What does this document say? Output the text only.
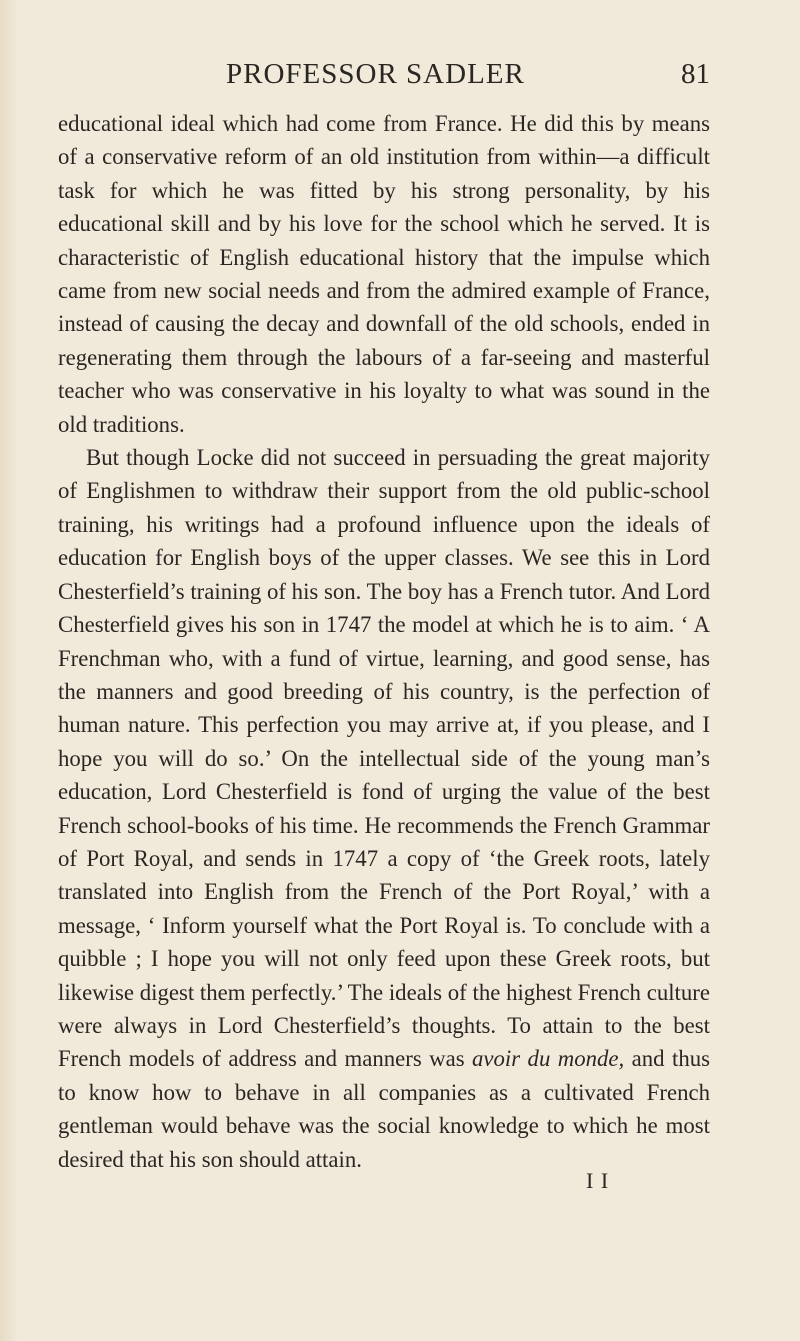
PROFESSOR SADLER	81

educational ideal which had come from France. He did this by means of a conservative reform of an old institution from within—a difficult task for which he was fitted by his strong personality, by his educational skill and by his love for the school which he served. It is characteristic of English educational history that the impulse which came from new social needs and from the admired example of France, instead of causing the decay and downfall of the old schools, ended in regenerating them through the labours of a far-seeing and masterful teacher who was conservative in his loyalty to what was sound in the old traditions.

But though Locke did not succeed in persuading the great majority of Englishmen to withdraw their support from the old public-school training, his writings had a profound influence upon the ideals of education for English boys of the upper classes. We see this in Lord Chesterfield’s training of his son. The boy has a French tutor. And Lord Chesterfield gives his son in 1747 the model at which he is to aim. ‘ A Frenchman who, with a fund of virtue, learning, and good sense, has the manners and good breeding of his country, is the perfection of human nature. This perfection you may arrive at, if you please, and I hope you will do so.’ On the intellectual side of the young man’s education, Lord Chesterfield is fond of urging the value of the best French school-books of his time. He recommends the French Grammar of Port Royal, and sends in 1747 a copy of ‘the Greek roots, lately translated into English from the French of the Port Royal,’ with a message, ‘ Inform yourself what the Port Royal is. To conclude with a quibble ; I hope you will not only feed upon these Greek roots, but likewise digest them perfectly.’ The ideals of the highest French culture were always in Lord Chesterfield’s thoughts. To attain to the best French models of address and manners was avoir du monde, and thus to know how to behave in all companies as a cultivated French gentleman would behave was the social knowledge to which he most desired that his son should attain.

I I
